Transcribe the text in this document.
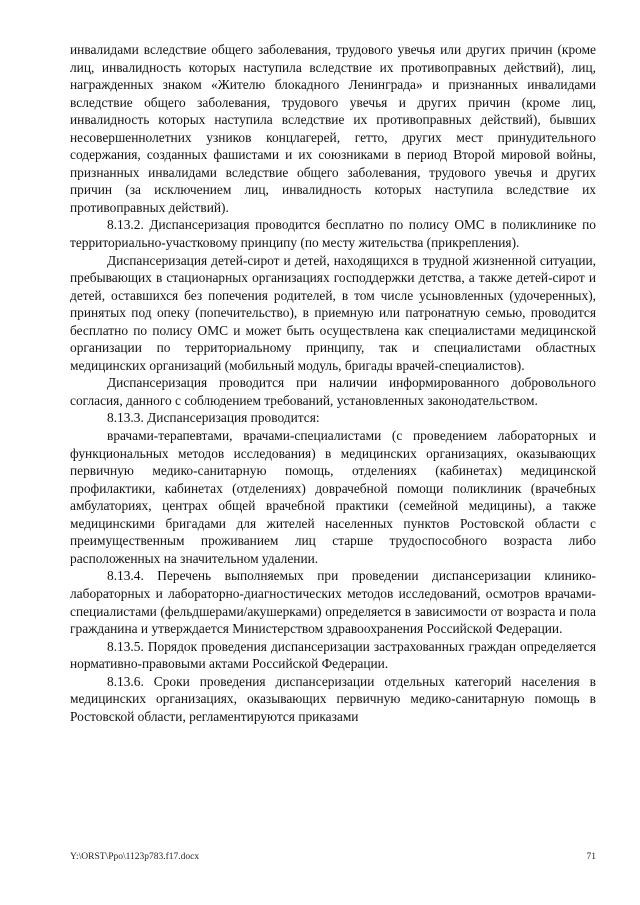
инвалидами вследствие общего заболевания, трудового увечья или других причин (кроме лиц, инвалидность которых наступила вследствие их противоправных действий), лиц, награжденных знаком «Жителю блокадного Ленинграда» и признанных инвалидами вследствие общего заболевания, трудового увечья и других причин (кроме лиц, инвалидность которых наступила вследствие их противоправных действий), бывших несовершеннолетних узников концлагерей, гетто, других мест принудительного содержания, созданных фашистами и их союзниками в период Второй мировой войны, признанных инвалидами вследствие общего заболевания, трудового увечья и других причин (за исключением лиц, инвалидность которых наступила вследствие их противоправных действий).

8.13.2. Диспансеризация проводится бесплатно по полису ОМС в поликлинике по территориально-участковому принципу (по месту жительства (прикрепления).

Диспансеризация детей-сирот и детей, находящихся в трудной жизненной ситуации, пребывающих в стационарных организациях господдержки детства, а также детей-сирот и детей, оставшихся без попечения родителей, в том числе усыновленных (удочеренных), принятых под опеку (попечительство), в приемную или патронатную семью, проводится бесплатно по полису ОМС и может быть осуществлена как специалистами медицинской организации по территориальному принципу, так и специалистами областных медицинских организаций (мобильный модуль, бригады врачей-специалистов).

Диспансеризация проводится при наличии информированного добровольного согласия, данного с соблюдением требований, установленных законодательством.

8.13.3. Диспансеризация проводится:

врачами-терапевтами, врачами-специалистами (с проведением лабораторных и функциональных методов исследования) в медицинских организациях, оказывающих первичную медико-санитарную помощь, отделениях (кабинетах) медицинской профилактики, кабинетах (отделениях) доврачебной помощи поликлиник (врачебных амбулаториях, центрах общей врачебной практики (семейной медицины), а также медицинскими бригадами для жителей населенных пунктов Ростовской области с преимущественным проживанием лиц старше трудоспособного возраста либо расположенных на значительном удалении.

8.13.4. Перечень выполняемых при проведении диспансеризации клинико-лабораторных и лабораторно-диагностических методов исследований, осмотров врачами-специалистами (фельдшерами/акушерками) определяется в зависимости от возраста и пола гражданина и утверждается Министерством здравоохранения Российской Федерации.

8.13.5. Порядок проведения диспансеризации застрахованных граждан определяется нормативно-правовыми актами Российской Федерации.

8.13.6. Сроки проведения диспансеризации отдельных категорий населения в медицинских организациях, оказывающих первичную медико-санитарную помощь в Ростовской области, регламентируются приказами

Y:\ORST\Ppo\1123p783.f17.docx	71
